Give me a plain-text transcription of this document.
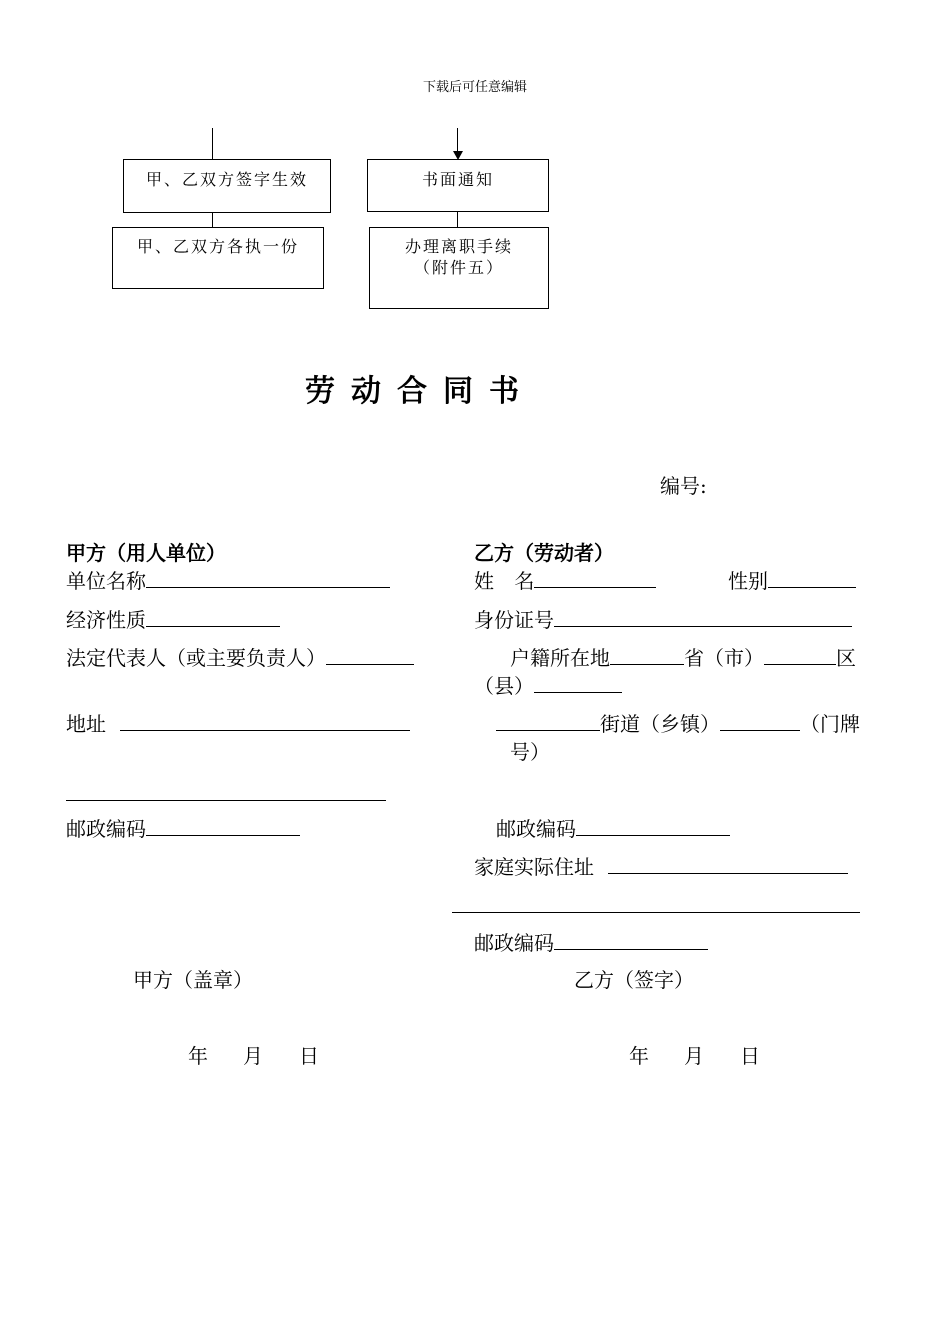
下载后可任意编辑
甲、乙双方签字生效
甲、乙双方各执一份
书面通知
办理离职手续
（附件五）
劳动合同书
编号:
甲方（用人单位）
单位名称
经济性质
法定代表人（或主要负责人）
地址
邮政编码
甲方（盖章）
年 月 日
乙方（劳动者）
姓 名	性别
身份证号
户籍所在地	省（市）	区
（县）
街道（乡镇）	（门牌
号）
邮政编码
家庭实际住址
邮政编码
乙方（签字）
年 月 日
